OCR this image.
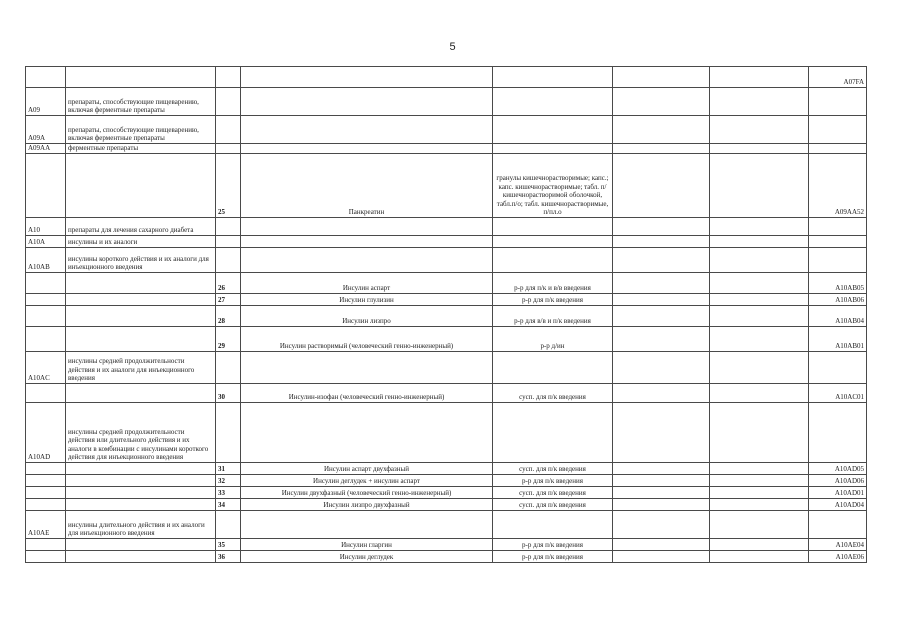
5
							A07FA
A09	препараты, способствующие пищеварению, включая ферментные препараты						
A09A	препараты, способствующие пищеварению, включая ферментные препараты						
A09AA	ферментные препараты						
		25	Панкреатин	гранулы кишечнорастворимые; капс.; капс. кишечнорастворимые; табл. п/кишечнорастворимой оболочкой, табл.п/о; табл. кишечнорастворимые, п/пл.о			A09AA52
A10	препараты для лечения сахарного диабета						
A10A	инсулины и их аналоги						
A10AB	инсулины короткого действия и их аналоги для инъекционного введения						
		26	Инсулин аспарт	р-р для п/к и в/в введения			A10AB05
		27	Инсулин глулизин	р-р для п/к введения			A10AB06
		28	Инсулин лизпро	р-р для в/в и п/к введения			A10AB04
		29	Инсулин растворимый (человеческий генно-инженерный)	р-р д/ин			A10AB01
A10AC	инсулины средней продолжительности действия и их аналоги для инъекционного введения						
		30	Инсулин-изофан (человеческий генно-инженерный)	сусп. для п/к введения			A10AC01
A10AD	инсулины средней продолжительности действия или длительного действия и их аналоги в комбинации с инсулинами короткого действия для инъекционного введения						
		31	Инсулин аспарт двухфазный	сусп. для п/к введения			A10AD05
		32	Инсулин деглудек + инсулин аспарт	р-р для п/к введения			A10AD06
		33	Инсулин двухфазный (человеческий генно-инженерный)	сусп. для п/к введения			A10AD01
		34	Инсулин лизпро двухфазный	сусп. для п/к введения			A10AD04
A10AE	инсулины длительного действия и их аналоги для инъекционного введения						
		35	Инсулин гларгин	р-р для п/к введения			A10AE04
		36	Инсулин деглудек	р-р для п/к введения			A10AE06
